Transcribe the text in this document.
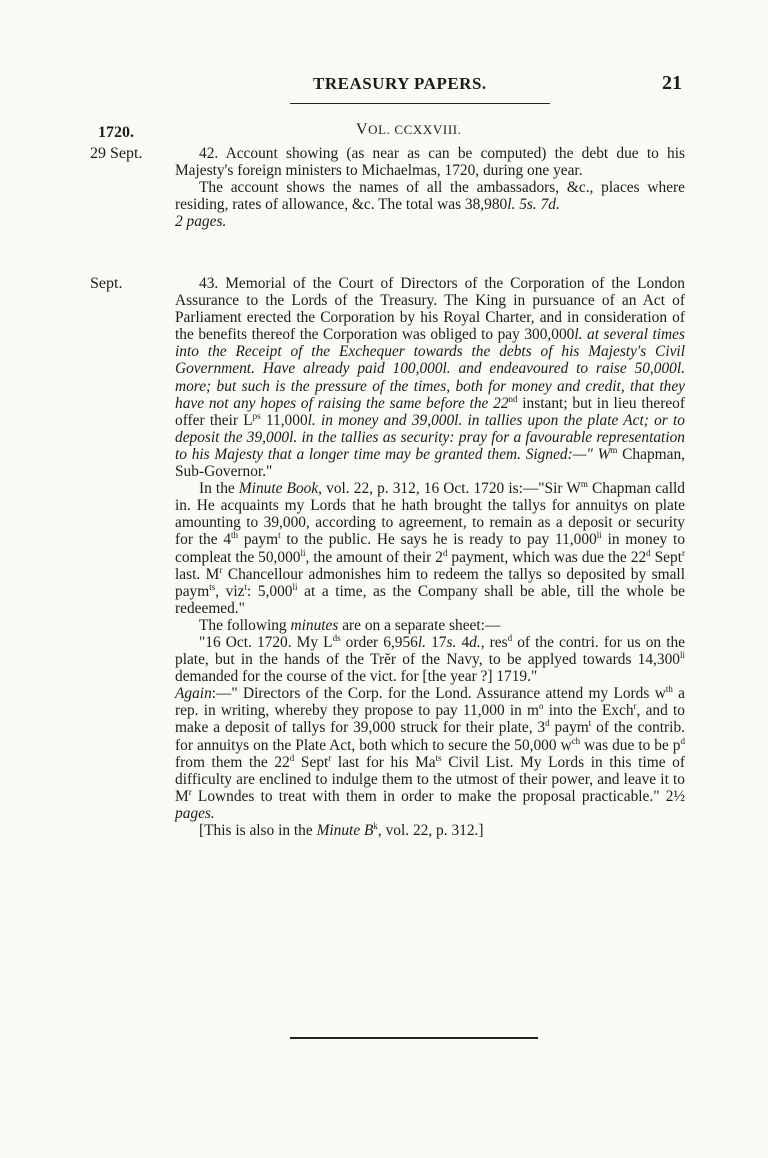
TREASURY PAPERS.	21
1720.	VOL. CCXXVIII.
29 Sept.	42. Account showing (as near as can be computed) the debt due to his Majesty's foreign ministers to Michaelmas, 1720, during one year.

The account shows the names of all the ambassadors, &c., places where residing, rates of allowance, &c. The total was 38,980l. 5s. 7d.

2 pages.

Sept.	43. Memorial of the Court of Directors of the Corporation of the London Assurance to the Lords of the Treasury. The King in pursuance of an Act of Parliament erected the Corporation by his Royal Charter, and in consideration of the benefits thereof the Corporation was obliged to pay 300,000l. at several times into the Receipt of the Exchequer towards the debts of his Majesty's Civil Government. Have already paid 100,000l. and endeavoured to raise 50,000l. more; but such is the pressure of the times, both for money and credit, that they have not any hopes of raising the same before the 22nd instant; but in lieu thereof offer their $L^{ps}$ 11,000l. in money and 39,000l. in tallies upon the plate Act; or to deposit the 39,000l. in the tallies as security: pray for a favourable representation to his Majesty that a longer time may be granted them. Signed:—" $W^m$ Chapman, Sub-Governor."

In the Minute Book, vol. 22, p. 312, 16 Oct. 1720 is:—"Sir $W^m$ Chapman calld in. He acquaints my Lords that he hath brought the tallys for annuitys on plate amounting to 39,000, according to agreement, to remain as a deposit or security for the 4th paym$^t$ to the public. He says he is ready to pay $11,000^{li}$ in money to compleat the $50,000^{li}$, the amount of their 2$^d$ payment, which was due the 22$^d$ Sept$^r$ last. $M^r$ Chancellour admonishes him to redeem the tallys so deposited by small paym$^{ts}$, viz$^t$: $5,000^{li}$ at a time, as the Company shall be able, till the whole be redeemed."

The following minutes are on a separate sheet:—

"16 Oct. 1720. My $L^{ds}$ order 6,956l. 17s. 4d., res$^d$ of the contri. for us on the plate, but in the hands of the Trĕr of the Navy, to be applyed towards $14,300^{li}$ demanded for the course of the vict. for [the year ?] 1719."

Again:—" Directors of the Corp. for the Lond. Assurance attend my Lords $w^{th}$ a rep. in writing, whereby they propose to pay 11,000 in $m^o$ into the Exch$^r$, and to make a deposit of tallys for 39,000 struck for their plate, 3$^d$ paym$^t$ of the contrib. for annuitys on the Plate Act, both which to secure the 50,000 $w^{ch}$ was due to be $p^d$ from them the 22$^d$ Sept$^r$ last for his $Ma^{ts}$ Civil List. My Lords in this time of difficulty are enclined to indulge them to the utmost of their power, and leave it to $M^r$ Lowndes to treat with them in order to make the proposal practicable." 2½ pages.

[This is also in the Minute $B^k$, vol. 22, p. 312.]
